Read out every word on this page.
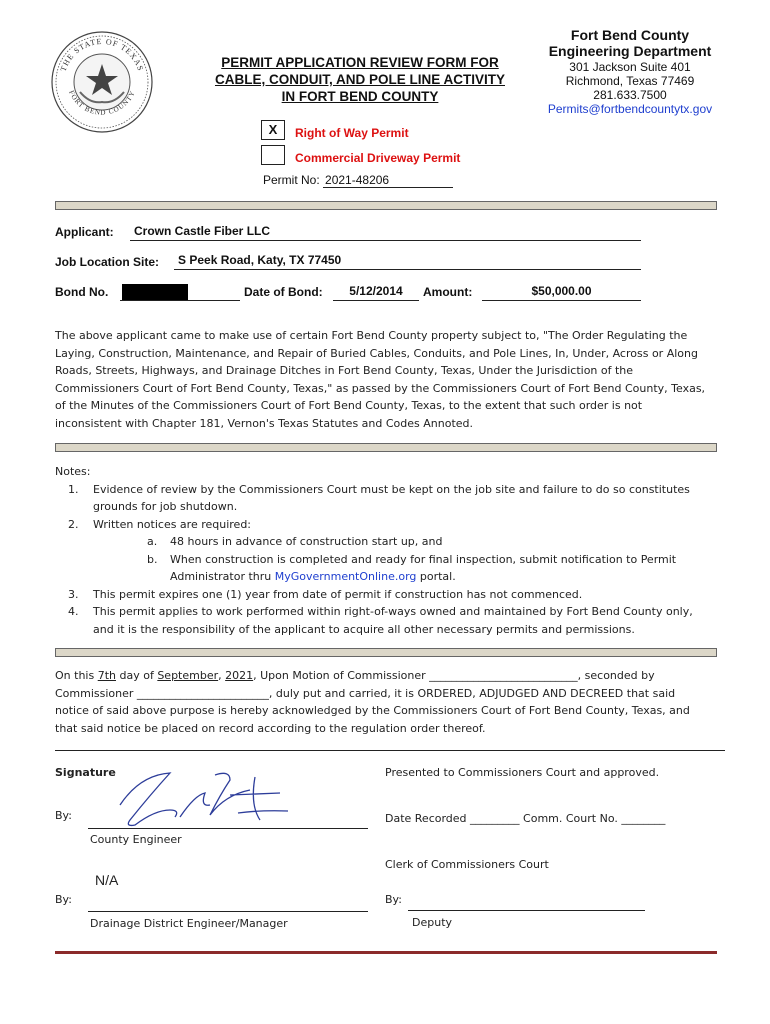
THE STATE OF TEXAS
FORT BEND COUNTY
PERMIT APPLICATION REVIEW FORM FOR
CABLE, CONDUIT, AND POLE LINE ACTIVITY
IN FORT BEND COUNTY
Fort Bend County
Engineering Department
301 Jackson Suite 401
Richmond, Texas 77469
281.633.7500
Permits@fortbendcountytx.gov
X	Right of Way Permit
Commercial Driveway Permit
Permit No: 2021-48206
Applicant:	Crown Castle Fiber LLC
Job Location Site:	S Peek Road, Katy, TX 77450
Bond No.	Date of Bond:	5/12/2014	Amount:	$50,000.00
The above applicant came to make use of certain Fort Bend County property subject to, "The Order Regulating the
Laying, Construction, Maintenance, and Repair of Buried Cables, Conduits, and Pole Lines, In, Under, Across or Along
Roads, Streets, Highways, and Drainage Ditches in Fort Bend County, Texas, Under the Jurisdiction of the
Commissioners Court of Fort Bend County, Texas," as passed by the Commissioners Court of Fort Bend County, Texas,
of the Minutes of the Commissioners Court of Fort Bend County, Texas, to the extent that such order is not
inconsistent with Chapter 181, Vernon's Texas Statutes and Codes Annoted.
Notes:
1. Evidence of review by the Commissioners Court must be kept on the job site and failure to do so constitutes
grounds for job shutdown.
2. Written notices are required:
a. 48 hours in advance of construction start up, and
b. When construction is completed and ready for final inspection, submit notification to Permit
Administrator thru MyGovernmentOnline.org portal.
3. This permit expires one (1) year from date of permit if construction has not commenced.
4. This permit applies to work performed within right-of-ways owned and maintained by Fort Bend County only,
and it is the responsibility of the applicant to acquire all other necessary permits and permissions.
On this 7th day of September, 2021, Upon Motion of Commissioner ___________________________, seconded by
Commissioner ________________________, duly put and carried, it is ORDERED, ADJUDGED AND DECREED that said
notice of said above purpose is hereby acknowledged by the Commissioners Court of Fort Bend County, Texas, and
that said notice be placed on record according to the regulation order thereof.
Signature
By:
County Engineer
N/A
By:
Drainage District Engineer/Manager
Presented to Commissioners Court and approved.
Date Recorded _________ Comm. Court No. ________
Clerk of Commissioners Court
By:
Deputy
